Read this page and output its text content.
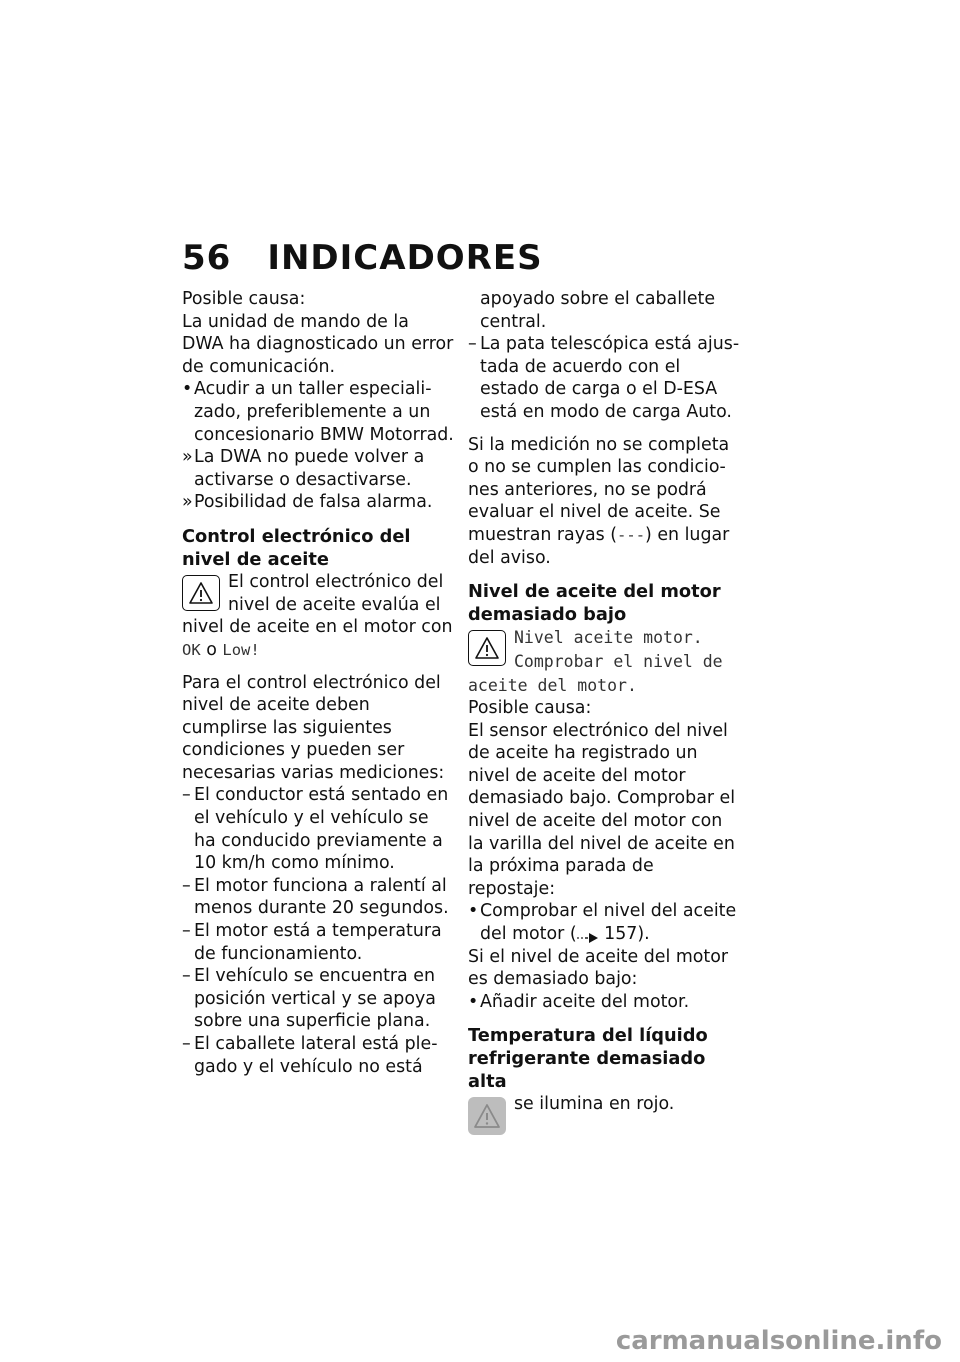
56 INDICADORES

Posible causa:

La unidad de mando de la DWA ha diagnosticado un error de comunicación.

• Acudir a un taller especializado, preferiblemente a un concesionario BMW Motorrad.
» La DWA no puede volver a activarse o desactivarse.
» Posibilidad de falsa alarma.

Control electrónico del nivel de aceite

El control electrónico del nivel de aceite evalúa el nivel de aceite en el motor con OK o Low!

Para el control electrónico del nivel de aceite deben cumplirse las siguientes condiciones y pueden ser necesarias varias mediciones:

– El conductor está sentado en el vehículo y el vehículo se ha conducido previamente a 10 km/h como mínimo.
– El motor funciona a ralentí al menos durante 20 segundos.
– El motor está a temperatura de funcionamiento.
– El vehículo se encuentra en posición vertical y se apoya sobre una superficie plana.
– El caballete lateral está plegado y el vehículo no está
apoyado sobre el caballete central.
– La pata telescópica está ajustada de acuerdo con el estado de carga o el D-ESA está en modo de carga Auto.

Si la medición no se completa o no se cumplen las condiciones anteriores, no se podrá evaluar el nivel de aceite. Se muestran rayas (---) en lugar del aviso.

Nivel de aceite del motor demasiado bajo

Nivel aceite motor. Comprobar el nivel de aceite del motor.

Posible causa:

El sensor electrónico del nivel de aceite ha registrado un nivel de aceite del motor demasiado bajo. Comprobar el nivel de aceite del motor con la varilla del nivel de aceite en la próxima parada de repostaje:

• Comprobar el nivel del aceite del motor ( 157).

Si el nivel de aceite del motor es demasiado bajo:

• Añadir aceite del motor.

Temperatura del líquido refrigerante demasiado alta

se ilumina en rojo.
carmanualsonline.info
